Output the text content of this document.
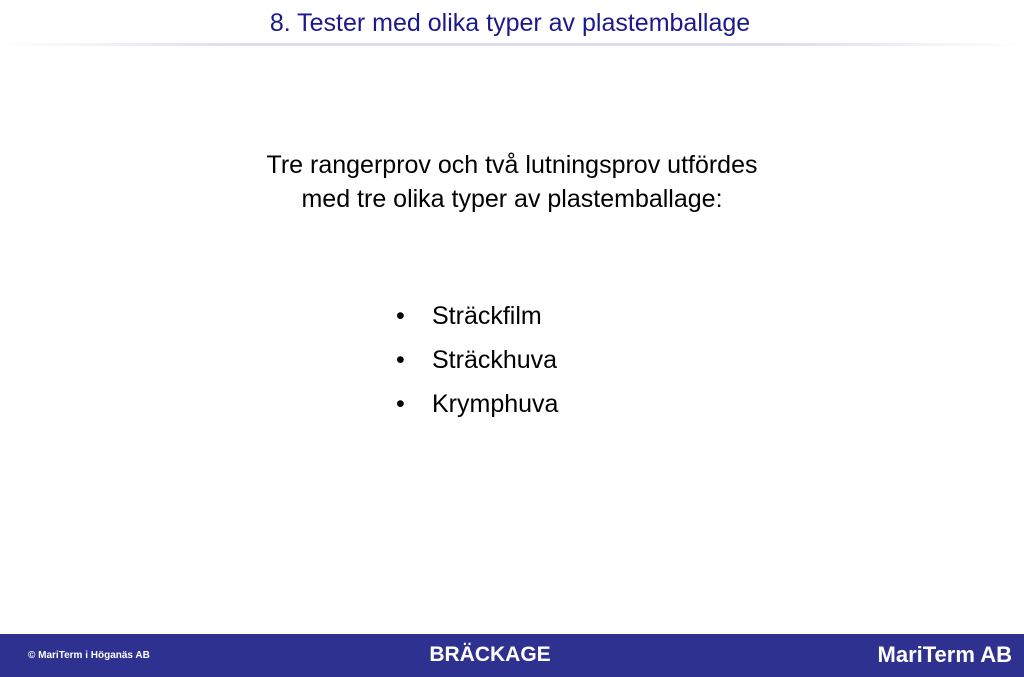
8. Tester med olika typer av plastemballage
Tre rangerprov och två lutningsprov utfördes
med tre olika typer av plastemballage:
• Sträckfilm
• Sträckhuva
• Krymphuva
© MariTerm i Höganäs AB	BRÄCKAGE	MariTerm AB
